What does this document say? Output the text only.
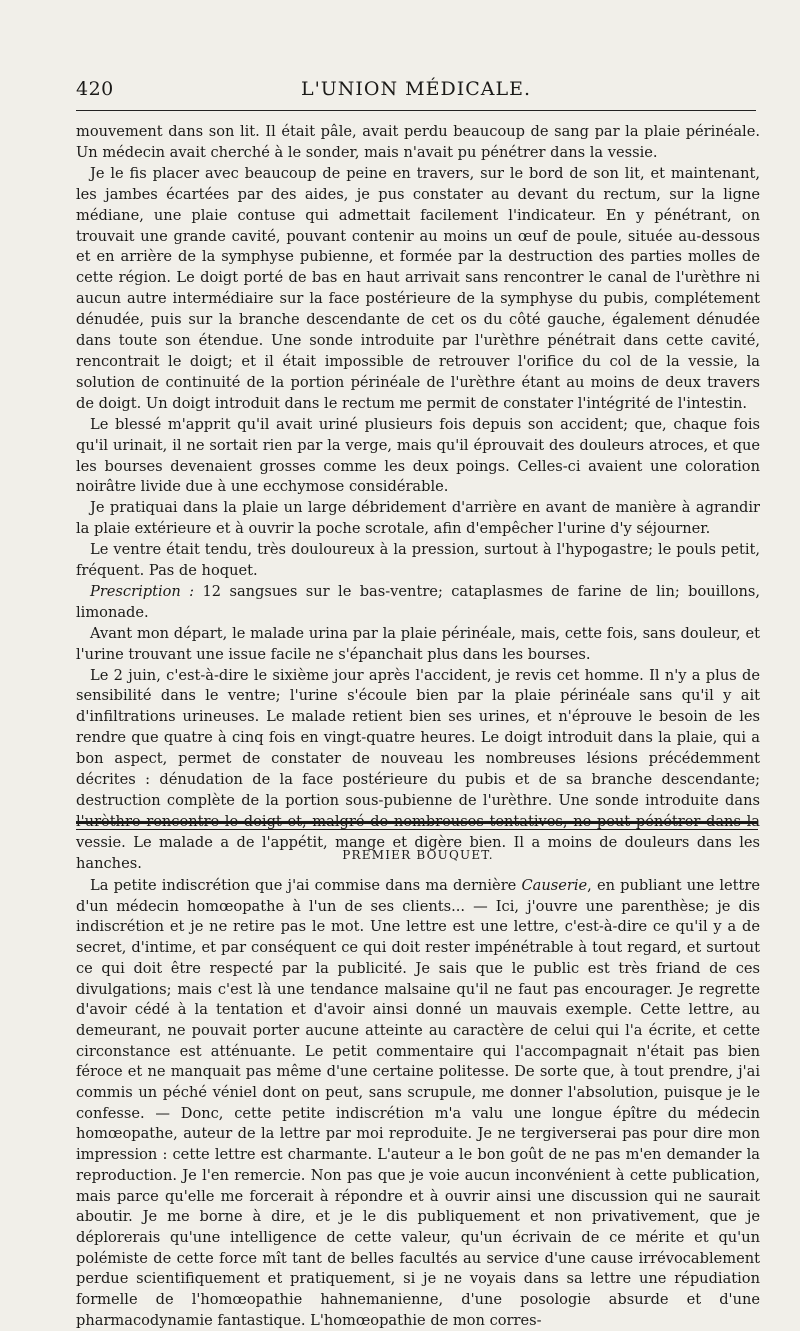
420	L'UNION MÉDICALE.

mouvement dans son lit. Il était pâle, avait perdu beaucoup de sang par la plaie périnéale. Un médecin avait cherché à le sonder, mais n'avait pu pénétrer dans la vessie.

Je le fis placer avec beaucoup de peine en travers, sur le bord de son lit, et maintenant, les jambes écartées par des aides, je pus constater au devant du rectum, sur la ligne médiane, une plaie contuse qui admettait facilement l'indicateur. En y pénétrant, on trouvait une grande cavité, pouvant contenir au moins un œuf de poule, située au-dessous et en arrière de la symphyse pubienne, et formée par la destruction des parties molles de cette région. Le doigt porté de bas en haut arrivait sans rencontrer le canal de l'urèthre ni aucun autre intermédiaire sur la face postérieure de la symphyse du pubis, complétement dénudée, puis sur la branche descendante de cet os du côté gauche, également dénudée dans toute son étendue. Une sonde introduite par l'urèthre pénétrait dans cette cavité, rencontrait le doigt; et il était impossible de retrouver l'orifice du col de la vessie, la solution de continuité de la portion périnéale de l'urèthre étant au moins de deux travers de doigt. Un doigt introduit dans le rectum me permit de constater l'intégrité de l'intestin.

Le blessé m'apprit qu'il avait uriné plusieurs fois depuis son accident; que, chaque fois qu'il urinait, il ne sortait rien par la verge, mais qu'il éprouvait des douleurs atroces, et que les bourses devenaient grosses comme les deux poings. Celles-ci avaient une coloration noirâtre livide due à une ecchymose considérable.

Je pratiquai dans la plaie un large débridement d'arrière en avant de manière à agrandir la plaie extérieure et à ouvrir la poche scrotale, afin d'empêcher l'urine d'y séjourner.

Le ventre était tendu, très douloureux à la pression, surtout à l'hypogastre; le pouls petit, fréquent. Pas de hoquet.

Prescription : 12 sangsues sur le bas-ventre; cataplasmes de farine de lin; bouillons, limonade.

Avant mon départ, le malade urina par la plaie périnéale, mais, cette fois, sans douleur, et l'urine trouvant une issue facile ne s'épanchait plus dans les bourses.

Le 2 juin, c'est-à-dire le sixième jour après l'accident, je revis cet homme. Il n'y a plus de sensibilité dans le ventre; l'urine s'écoule bien par la plaie périnéale sans qu'il y ait d'infiltrations urineuses. Le malade retient bien ses urines, et n'éprouve le besoin de les rendre que quatre à cinq fois en vingt-quatre heures. Le doigt introduit dans la plaie, qui a bon aspect, permet de constater de nouveau les nombreuses lésions précédemment décrites : dénudation de la face postérieure du pubis et de sa branche descendante; destruction complète de la portion sous-pubienne de l'urèthre. Une sonde introduite dans l'urèthre rencontre le doigt et, malgré de nombreuses tentatives, ne peut pénétrer dans la vessie. Le malade a de l'appétit, mange et digère bien. Il a moins de douleurs dans les hanches.	PREMIER BOUQUET.

La petite indiscrétion que j'ai commise dans ma dernière Causerie, en publiant une lettre d'un médecin homœopathe à l'un de ses clients... — Ici, j'ouvre une parenthèse; je dis indiscrétion et je ne retire pas le mot. Une lettre est une lettre, c'est-à-dire ce qu'il y a de secret, d'intime, et par conséquent ce qui doit rester impénétrable à tout regard, et surtout ce qui doit être respecté par la publicité. Je sais que le public est très friand de ces divulgations; mais c'est là une tendance malsaine qu'il ne faut pas encourager. Je regrette d'avoir cédé à la tentation et d'avoir ainsi donné un mauvais exemple. Cette lettre, au demeurant, ne pouvait porter aucune atteinte au caractère de celui qui l'a écrite, et cette circonstance est atténuante. Le petit commentaire qui l'accompagnait n'était pas bien féroce et ne manquait pas même d'une certaine politesse. De sorte que, à tout prendre, j'ai commis un péché véniel dont on peut, sans scrupule, me donner l'absolution, puisque je le confesse. — Donc, cette petite indiscrétion m'a valu une longue épître du médecin homœopathe, auteur de la lettre par moi reproduite. Je ne tergiverserai pas pour dire mon impression : cette lettre est charmante. L'auteur a le bon goût de ne pas m'en demander la reproduction. Je l'en remercie. Non pas que je voie aucun inconvénient à cette publication, mais parce qu'elle me forcerait à répondre et à ouvrir ainsi une discussion qui ne saurait aboutir. Je me borne à dire, et je le dis publiquement et non privativement, que je déplorerais qu'une intelligence de cette valeur, qu'un écrivain de ce mérite et qu'un polémiste de cette force mît tant de belles facultés au service d'une cause irrévocablement perdue scientifiquement et pratiquement, si je ne voyais dans sa lettre une répudiation formelle de l'homœopathie hahnemanienne, d'une posologie absurde et d'une pharmacodynamie fantastique. L'homœopathie de mon corres-
